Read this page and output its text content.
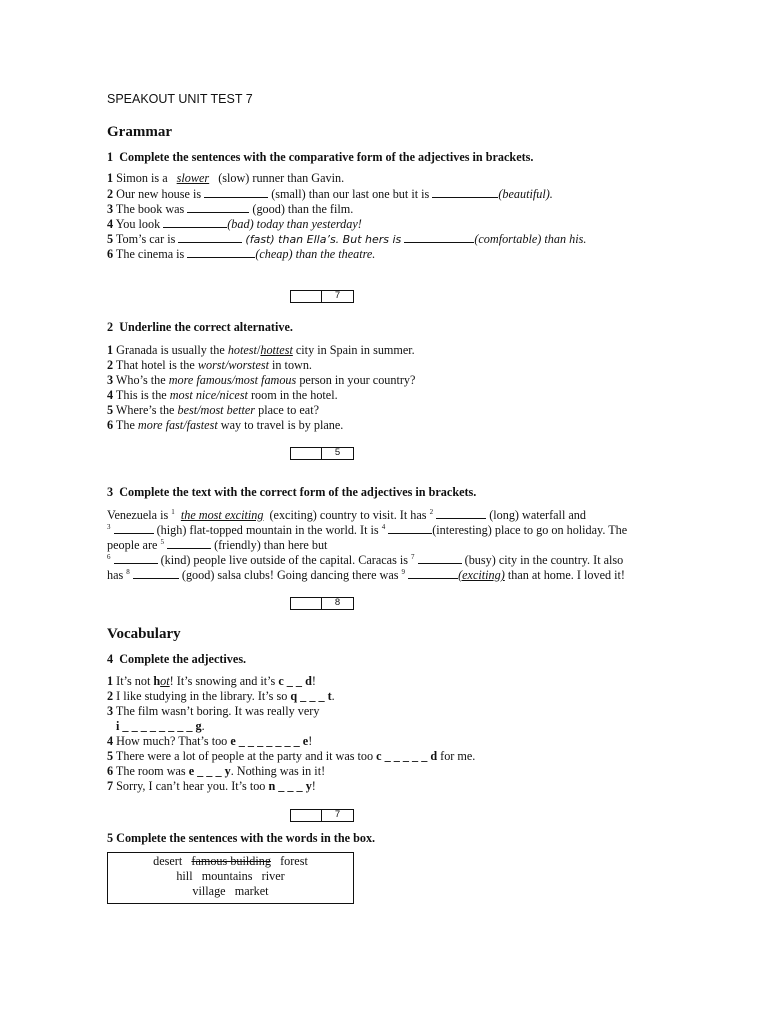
SPEAKOUT UNIT TEST 7
Grammar
1 Complete the sentences with the comparative form of the adjectives in brackets.
1 Simon is a slower (slow) runner than Gavin.
2 Our new house is	(small) than our last one but it is	(beautiful).
3 The book was	(good) than the film.
4 You look	(bad) today than yesterday!
5 Tom’s car is	(fast) than Ella’s. But hers is	(comfortable) than his.
6 The cinema is	(cheap) than the theatre.
7
2 Underline the correct alternative.
1 Granada is usually the hotest/hottest city in Spain in summer.
2 That hotel is the worst/worstest in town.
3 Who’s the more famous/most famous person in your country?
4 This is the most nice/nicest room in the hotel.
5 Where’s the best/most better place to eat?
6 The more fast/fastest way to travel is by plane.
5
3 Complete the text with the correct form of the adjectives in brackets.
Venezuela is $^1$ the most exciting (exciting) country to visit. It has $^2$	(long) waterfall and
$^3$	(high) flat-topped mountain in the world. It is $^4$	(interesting) place to go on holiday. The
people are $^5$	(friendly) than here but
$^6$	(kind) people live outside of the capital. Caracas is $^7$	(busy) city in the country. It also
has $^8$	(good) salsa clubs! Going dancing there was $^9$	(exciting) than at home. I loved it!
8
Vocabulary
4 Complete the adjectives.
1 It’s not hot! It’s snowing and it’s c _ _ d!
2 I like studying in the library. It’s so q _ _ _ t.
3 The film wasn’t boring. It was really very
i _ _ _ _ _ _ _ _ g.
4 How much? That’s too e _ _ _ _ _ _ _ e!
5 There were a lot of people at the party and it was too c _ _ _ _ _ d for me.
6 The room was e _ _ _ y. Nothing was in it!
7 Sorry, I can’t hear you. It’s too n _ _ _ y!
7
5 Complete the sentences with the words in the box.
desert famous building forest
hill mountains river
village market
